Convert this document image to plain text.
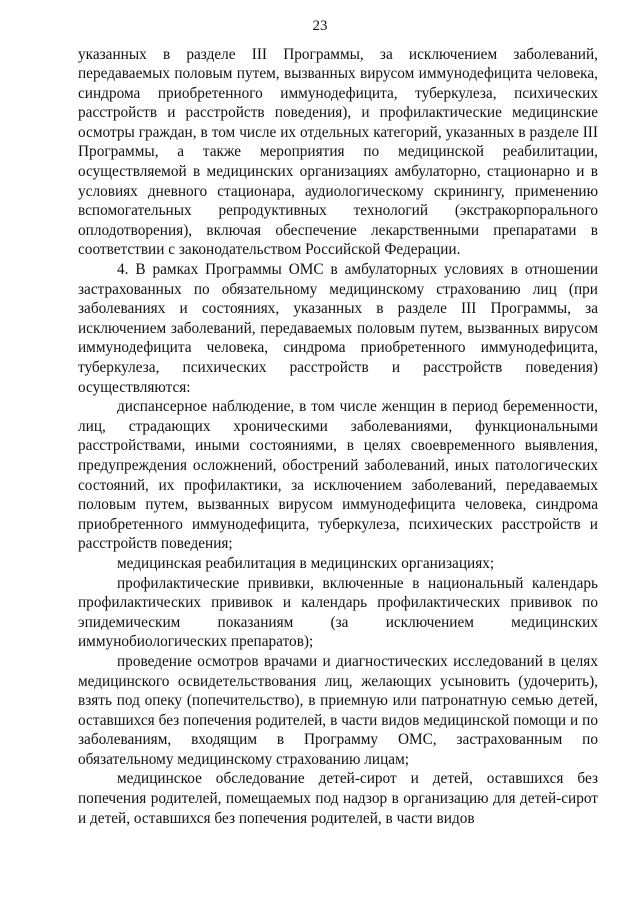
23

указанных в разделе III Программы, за исключением заболеваний, передаваемых половым путем, вызванных вирусом иммунодефицита человека, синдрома приобретенного иммунодефицита, туберкулеза, психических расстройств и расстройств поведения), и профилактические медицинские осмотры граждан, в том числе их отдельных категорий, указанных в разделе III Программы, а также мероприятия по медицинской реабилитации, осуществляемой в медицинских организациях амбулаторно, стационарно и в условиях дневного стационара, аудиологическому скринингу, применению вспомогательных репродуктивных технологий (экстракорпорального оплодотворения), включая обеспечение лекарственными препаратами в соответствии с законодательством Российской Федерации.

4. В рамках Программы ОМС в амбулаторных условиях в отношении застрахованных по обязательному медицинскому страхованию лиц (при заболеваниях и состояниях, указанных в разделе III Программы, за исключением заболеваний, передаваемых половым путем, вызванных вирусом иммунодефицита человека, синдрома приобретенного иммунодефицита, туберкулеза, психических расстройств и расстройств поведения) осуществляются:

диспансерное наблюдение, в том числе женщин в период беременности, лиц, страдающих хроническими заболеваниями, функциональными расстройствами, иными состояниями, в целях своевременного выявления, предупреждения осложнений, обострений заболеваний, иных патологических состояний, их профилактики, за исключением заболеваний, передаваемых половым путем, вызванных вирусом иммунодефицита человека, синдрома приобретенного иммунодефицита, туберкулеза, психических расстройств и расстройств поведения;

медицинская реабилитация в медицинских организациях;

профилактические прививки, включенные в национальный календарь профилактических прививок и календарь профилактических прививок по эпидемическим показаниям (за исключением медицинских иммунобиологических препаратов);

проведение осмотров врачами и диагностических исследований в целях медицинского освидетельствования лиц, желающих усыновить (удочерить), взять под опеку (попечительство), в приемную или патронатную семью детей, оставшихся без попечения родителей, в части видов медицинской помощи и по заболеваниям, входящим в Программу ОМС, застрахованным по обязательному медицинскому страхованию лицам;

медицинское обследование детей-сирот и детей, оставшихся без попечения родителей, помещаемых под надзор в организацию для детей-сирот и детей, оставшихся без попечения родителей, в части видов
